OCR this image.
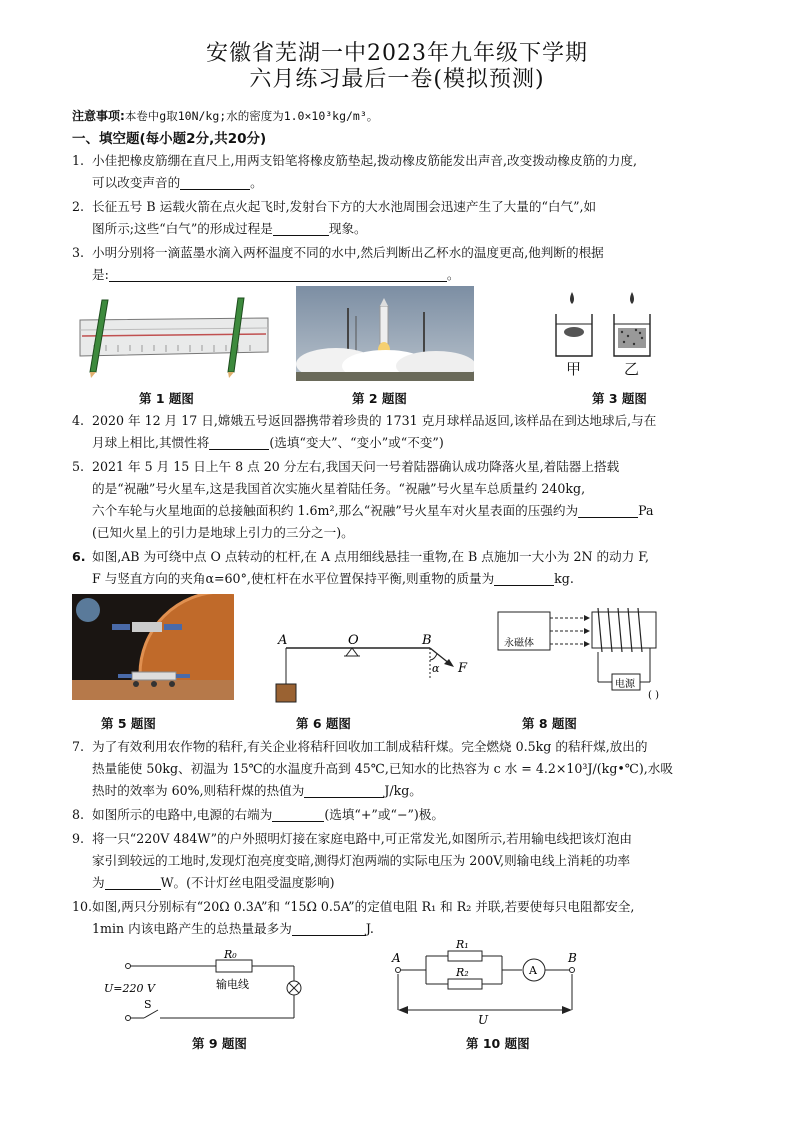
安徽省芜湖一中2023年九年级下学期
六月练习最后一卷(模拟预测)
注意事项:本卷中g取10N/kg;水的密度为1.0×10³kg/m³。
一、填空题(每小题2分,共20分)
1. 小佳把橡皮筋绷在直尺上,用两支铅笔将橡皮筋垫起,拨动橡皮筋能发出声音,改变拨动橡皮筋的力度,
可以改变声音的	。
2. 长征五号 B 运载火箭在点火起飞时,发射台下方的大水池周围会迅速产生了大量的“白气”,如
图所示;这些“白气”的形成过程是	现象。
3. 小明分别将一滴蓝墨水滴入两杯温度不同的水中,然后判断出乙杯水的温度更高,他判断的根据
是:	。
第 1 题图	第 2 题图
甲	乙
第 3 题图
4. 2020 年 12 月 17 日,嫦娥五号返回器携带着珍贵的 1731 克月球样品返回,该样品在到达地球后,与在
月球上相比,其惯性将	(选填“变大”、“变小”或“不变”)
5. 2021 年 5 月 15 日上午 8 点 20 分左右,我国天问一号着陆器确认成功降落火星,着陆器上搭载
的是“祝融”号火星车,这是我国首次实施火星着陆任务。“祝融”号火星车总质量约 240kg,
六个车轮与火星地面的总接触面积约 1.6m²,那么“祝融”号火星车对火星表面的压强约为	Pa
(已知火星上的引力是地球上引力的三分之一)。
6. 如图,AB 为可绕中点 O 点转动的杠杆,在 A 点用细线悬挂一重物,在 B 点施加一大小为 2N 的动力 F,
F 与竖直方向的夹角α=60°,使杠杆在水平位置保持平衡,则重物的质量为	kg.
第 5 题图
A	O	B
α F
第 6 题图
永磁体
电源
( )
第 8 题图
7. 为了有效利用农作物的秸秆,有关企业将秸秆回收加工制成秸秆煤。完全燃烧 0.5kg 的秸秆煤,放出的
热量能使 50kg、初温为 15℃的水温度升高到 45℃,已知水的比热容为 c 水 = 4.2×10³J/(kg•℃),水吸
热时的效率为 60%,则秸秆煤的热值为	J/kg。
8. 如图所示的电路中,电源的右端为	(选填“+”或“−”)极。
9. 将一只“220V 484W”的户外照明灯接在家庭电路中,可正常发光,如图所示,若用输电线把该灯泡由
家引到较远的工地时,发现灯泡亮度变暗,测得灯泡两端的实际电压为 200V,则输电线上消耗的功率
为	W。(不计灯丝电阻受温度影响)
10.如图,两只分别标有“20Ω 0.3A”和 “15Ω 0.5A”的定值电阻 R₁ 和 R₂ 并联,若要使每只电阻都安全,
1min 内该电路产生的总热量最多为	J.
R₀
输电线
U=220 V
S
第 9 题图
A	B
R₁
R₂	A
U
第 10 题图
